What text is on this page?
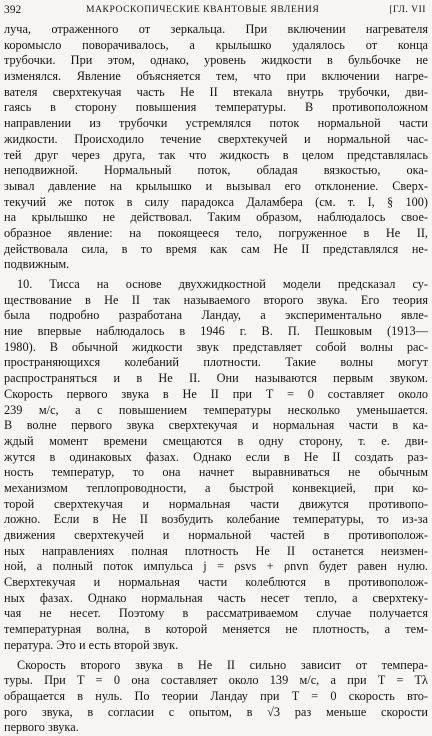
392	МАКРОСКОПИЧЕСКИЕ КВАНТОВЫЕ ЯВЛЕНИЯ	[ГЛ. VII
луча, отраженного от зеркальца. При включении нагревателя
коромысло поворачивалось, а крылышко удалялось от конца
трубочки. При этом, однако, уровень жидкости в бульбочке не
изменялся. Явление объясняется тем, что при включении нагре-
вателя сверхтекучая часть He II втекала внутрь трубочки, дви-
гаясь в сторону повышения температуры. В противоположном
направлении из трубочки устремлялся поток нормальной части
жидкости. Происходило течение сверхтекучей и нормальной час-
тей друг через друга, так что жидкость в целом представлялась
неподвижной. Нормальный поток, обладая вязкостью, ока-
зывал давление на крылышко и вызывал его отклонение. Сверх-
текучий же поток в силу парадокса Даламбера (см. т. I, § 100)
на крылышко не действовал. Таким образом, наблюдалось свое-
образное явление: на покоящееся тело, погруженное в He II,
действовала сила, в то время как сам He II представлялся не-
подвижным.
10. Тисса на основе двухжидкостной модели предсказал су-
ществование в He II так называемого второго звука. Его теория
была подробно разработана Ландау, а экспериментально явле-
ние впервые наблюдалось в 1946 г. В. П. Пешковым (1913—
1980). В обычной жидкости звук представляет собой волны рас-
пространяющихся колебаний плотности. Такие волны могут
распространяться и в He II. Они называются первым звуком.
Скорость первого звука в He II при T = 0 составляет около
239 м/с, а с повышением температуры несколько уменьшается.
В волне первого звука сверхтекучая и нормальная части в ка-
ждый момент времени смещаются в одну сторону, т. е. дви-
жутся в одинаковых фазах. Однако если в He II создать раз-
ность температур, то она начнет выравниваться не обычным
механизмом теплопроводности, а быстрой конвекцией, при ко-
торой сверхтекучая и нормальная части движутся противопо-
ложно. Если в He II возбудить колебание температуры, то из-за
движения сверхтекучей и нормальной частей в противополож-
ных направлениях полная плотность He II останется неизмен-
ной, а полный поток импульса j = ρsvs + ρnvn будет равен нулю.
Сверхтекучая и нормальная части колеблются в противополож-
ных фазах. Однако нормальная часть несет тепло, а сверхтеку-
чая не несет. Поэтому в рассматриваемом случае получается
температурная волна, в которой меняется не плотность, а тем-
пература. Это и есть второй звук.
Скорость второго звука в He II сильно зависит от темпера-
туры. При T = 0 она составляет около 139 м/с, а при T = Tλ
обращается в нуль. По теории Ландау при T = 0 скорость вто-
рого звука, в согласии с опытом, в √3 раз меньше скорости
первого звука.
